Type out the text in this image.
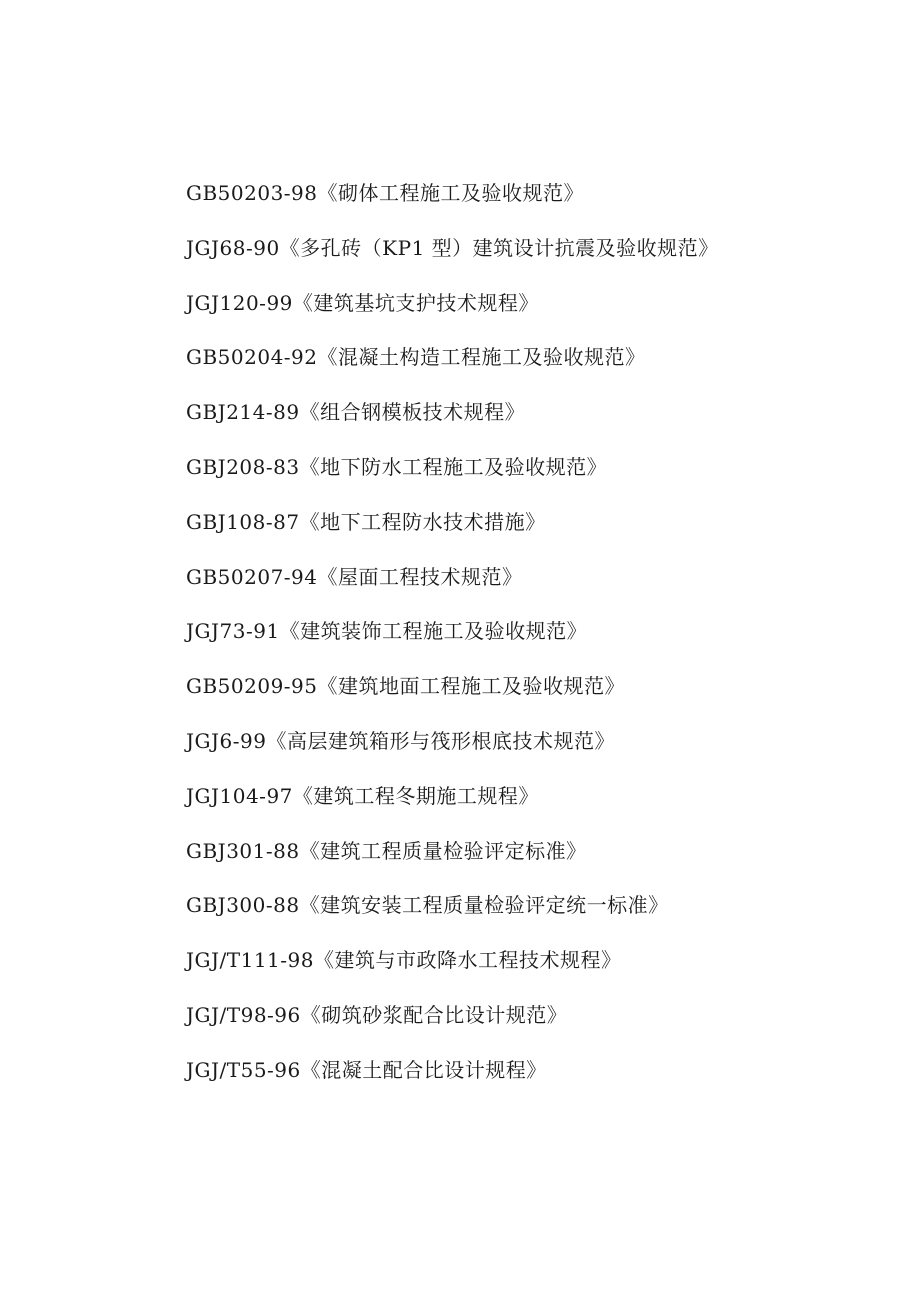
GB50203-98《砌体工程施工及验收规范》
JGJ68-90《多孔砖（KP1 型）建筑设计抗震及验收规范》
JGJ120-99《建筑基坑支护技术规程》
GB50204-92《混凝土构造工程施工及验收规范》
GBJ214-89《组合钢模板技术规程》
GBJ208-83《地下防水工程施工及验收规范》
GBJ108-87《地下工程防水技术措施》
GB50207-94《屋面工程技术规范》
JGJ73-91《建筑装饰工程施工及验收规范》
GB50209-95《建筑地面工程施工及验收规范》
JGJ6-99《高层建筑箱形与筏形根底技术规范》
JGJ104-97《建筑工程冬期施工规程》
GBJ301-88《建筑工程质量检验评定标准》
GBJ300-88《建筑安装工程质量检验评定统一标准》
JGJ/T111-98《建筑与市政降水工程技术规程》
JGJ/T98-96《砌筑砂浆配合比设计规范》
JGJ/T55-96《混凝土配合比设计规程》
